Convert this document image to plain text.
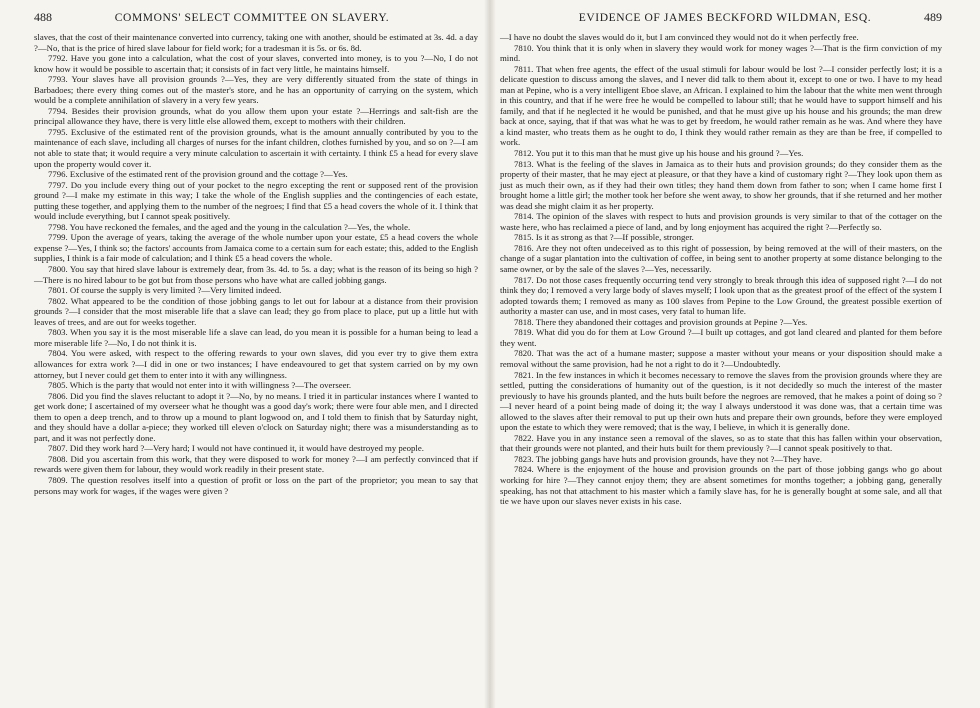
488	COMMONS' SELECT COMMITTEE ON SLAVERY.

slaves, that the cost of their maintenance converted into currency, taking one with another, should be estimated at 3s. 4d. a day ?—No, that is the price of hired slave labour for field work; for a tradesman it is 5s. or 6s. 8d.

7792. Have you gone into a calculation, what the cost of your slaves, converted into money, is to you ?—No, I do not know how it would be possible to ascertain that; it consists of in fact very little, he maintains himself.

7793. Your slaves have all provision grounds ?—Yes, they are very differently situated from the state of things in Barbadoes; there every thing comes out of the master's store, and he has an opportunity of carrying on the system, which would be a complete annihilation of slavery in a very few years.

7794. Besides their provision grounds, what do you allow them upon your estate ?—Herrings and salt-fish are the principal allowance they have, there is very little else allowed them, except to mothers with their children.

7795. Exclusive of the estimated rent of the provision grounds, what is the amount annually contributed by you to the maintenance of each slave, including all charges of nurses for the infant children, clothes furnished by you, and so on ?—I am not able to state that; it would require a very minute calculation to ascertain it with certainty. I think £5 a head for every slave upon the property would cover it.

7796. Exclusive of the estimated rent of the provision ground and the cottage ?—Yes.

7797. Do you include every thing out of your pocket to the negro excepting the rent or supposed rent of the provision ground ?—I make my estimate in this way; I take the whole of the English supplies and the contingencies of each estate, putting these together, and applying them to the number of the negroes; I find that £5 a head covers the whole of it. I think that would include everything, but I cannot speak positively.

7798. You have reckoned the females, and the aged and the young in the calculation ?—Yes, the whole.

7799. Upon the average of years, taking the average of the whole number upon your estate, £5 a head covers the whole expense ?—Yes, I think so; the factors' accounts from Jamaica come to a certain sum for each estate; this, added to the English supplies, I think is a fair mode of calculation; and I think £5 a head covers the whole.

7800. You say that hired slave labour is extremely dear, from 3s. 4d. to 5s. a day; what is the reason of its being so high ?—There is no hired labour to be got but from those persons who have what are called jobbing gangs.

7801. Of course the supply is very limited ?—Very limited indeed.

7802. What appeared to be the condition of those jobbing gangs to let out for labour at a distance from their provision grounds ?—I consider that the most miserable life that a slave can lead; they go from place to place, put up a little hut with leaves of trees, and are out for weeks together.

7803. When you say it is the most miserable life a slave can lead, do you mean it is possible for a human being to lead a more miserable life ?—No, I do not think it is.

7804. You were asked, with respect to the offering rewards to your own slaves, did you ever try to give them extra allowances for extra work ?—I did in one or two instances; I have endeavoured to get that system carried on by my own attorney, but I never could get them to enter into it with any willingness.

7805. Which is the party that would not enter into it with willingness ?—The overseer.

7806. Did you find the slaves reluctant to adopt it ?—No, by no means. I tried it in particular instances where I wanted to get work done; I ascertained of my overseer what he thought was a good day's work; there were four able men, and I directed them to open a deep trench, and to throw up a mound to plant logwood on, and I told them to finish that by Saturday night, and they should have a dollar a-piece; they worked till eleven o'clock on Saturday night; there was a misunderstanding as to part, and it was not perfectly done.

7807. Did they work hard ?—Very hard; I would not have continued it, it would have destroyed my people.

7808. Did you ascertain from this work, that they were disposed to work for money ?—I am perfectly convinced that if rewards were given them for labour, they would work readily in their present state.

7809. The question resolves itself into a question of profit or loss on the part of the proprietor; you mean to say that persons may work for wages, if the wages were given ?

EVIDENCE OF JAMES BECKFORD WILDMAN, ESQ.	489

—I have no doubt the slaves would do it, but I am convinced they would not do it when perfectly free.

7810. You think that it is only when in slavery they would work for money wages ?—That is the firm conviction of my mind.

7811. That when free agents, the effect of the usual stimuli for labour would be lost ?—I consider perfectly lost; it is a delicate question to discuss among the slaves, and I never did talk to them about it, except to one or two. I have to my head man at Pepine, who is a very intelligent Eboe slave, an African. I explained to him the labour that the white men went through in this country, and that if he were free he would be compelled to labour still; that he would have to support himself and his family, and that if he neglected it he would be punished, and that he must give up his house and his grounds; the man drew back at once, saying, that if that was what he was to get by freedom, he would rather remain as he was. And where they have a kind master, who treats them as he ought to do, I think they would rather remain as they are than be free, if compelled to work.

7812. You put it to this man that he must give up his house and his ground ?—Yes.

7813. What is the feeling of the slaves in Jamaica as to their huts and provision grounds; do they consider them as the property of their master, that he may eject at pleasure, or that they have a kind of customary right ?—They look upon them as just as much their own, as if they had their own titles; they hand them down from father to son; when I came home first I brought home a little girl; the mother took her before she went away, to show her grounds, that if she returned and her mother was dead she might claim it as her property.

7814. The opinion of the slaves with respect to huts and provision grounds is very similar to that of the cottager on the waste here, who has reclaimed a piece of land, and by long enjoyment has acquired the right ?—Perfectly so.

7815. Is it as strong as that ?—If possible, stronger.

7816. Are they not often undeceived as to this right of possession, by being removed at the will of their masters, on the change of a sugar plantation into the cultivation of coffee, in being sent to another property at some distance belonging to the same owner, or by the sale of the slaves ?—Yes, necessarily.

7817. Do not those cases frequently occurring tend very strongly to break through this idea of supposed right ?—I do not think they do; I removed a very large body of slaves myself; I look upon that as the greatest proof of the effect of the system I adopted towards them; I removed as many as 100 slaves from Pepine to the Low Ground, the greatest possible exertion of authority a master can use, and in most cases, very fatal to human life.

7818. There they abandoned their cottages and provision grounds at Pepine ?—Yes.

7819. What did you do for them at Low Ground ?—I built up cottages, and got land cleared and planted for them before they went.

7820. That was the act of a humane master; suppose a master without your means or your disposition should make a removal without the same provision, had he not a right to do it ?—Undoubtedly.

7821. In the few instances in which it becomes necessary to remove the slaves from the provision grounds where they are settled, putting the considerations of humanity out of the question, is it not decidedly so much the interest of the master previously to have his grounds planted, and the huts built before the negroes are removed, that he makes a point of doing so ?—I never heard of a point being made of doing it; the way I always understood it was done was, that a certain time was allowed to the slaves after their removal to put up their own huts and prepare their own grounds, before they were employed upon the estate to which they were removed; that is the way, I believe, in which it is generally done.

7822. Have you in any instance seen a removal of the slaves, so as to state that this has fallen within your observation, that their grounds were not planted, and their huts built for them previously ?—I cannot speak positively to that.

7823. The jobbing gangs have huts and provision grounds, have they not ?—They have.

7824. Where is the enjoyment of the house and provision grounds on the part of those jobbing gangs who go about working for hire ?—They cannot enjoy them; they are absent sometimes for months together; a jobbing gang, generally speaking, has not that attachment to his master which a family slave has, for he is generally bought at some sale, and all that tie we have upon our slaves never exists in his case.
